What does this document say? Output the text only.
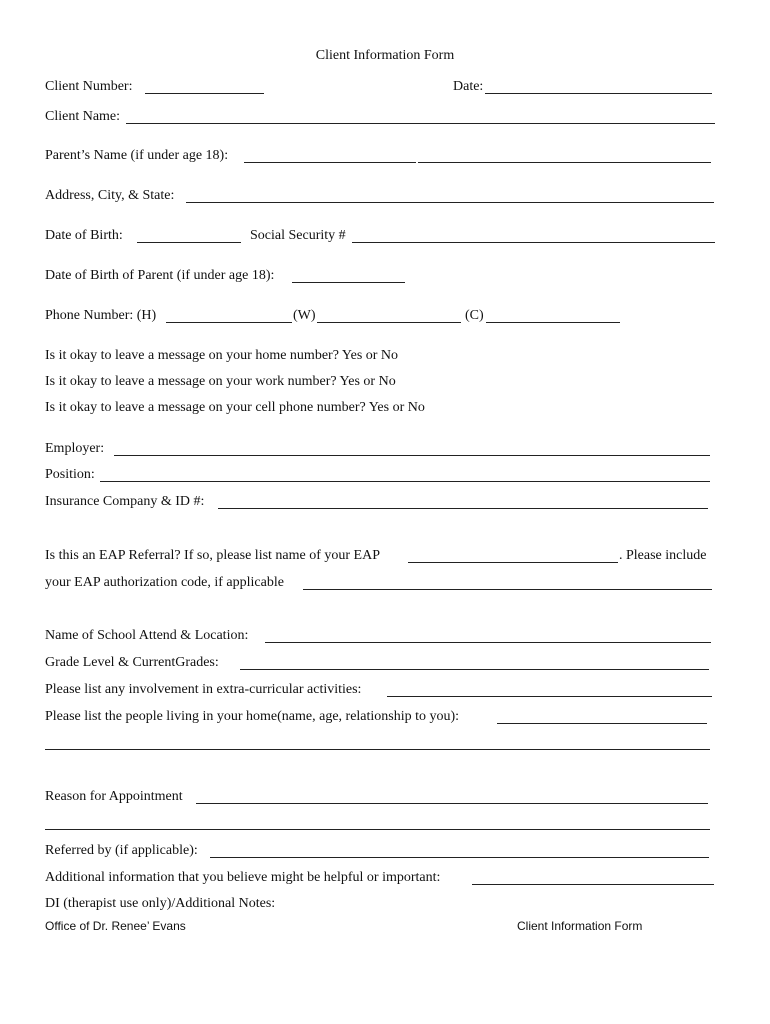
Client Information Form
Client Number:	Date:
Client Name:
Parent’s Name (if under age 18):
Address, City, & State:
Date of Birth:	Social Security #
Date of Birth of Parent (if under age 18):
Phone Number: (H)	(W)	(C)
Is it okay to leave a message on your home number? Yes or No
Is it okay to leave a message on your work number? Yes or No
Is it okay to leave a message on your cell phone number? Yes or No
Employer:
Position:
Insurance Company & ID #:
Is this an EAP Referral? If so, please list name of your EAP	. Please include
your EAP authorization code, if applicable
Name of School Attend & Location:
Grade Level & CurrentGrades:
Please list any involvement in extra-curricular activities:
Please list the people living in your home(name, age, relationship to you):
Reason for Appointment
Referred by (if applicable):
Additional information that you believe might be helpful or important:
DI (therapist use only)/Additional Notes:
Office of Dr. Renee’ Evans	Client Information Form
